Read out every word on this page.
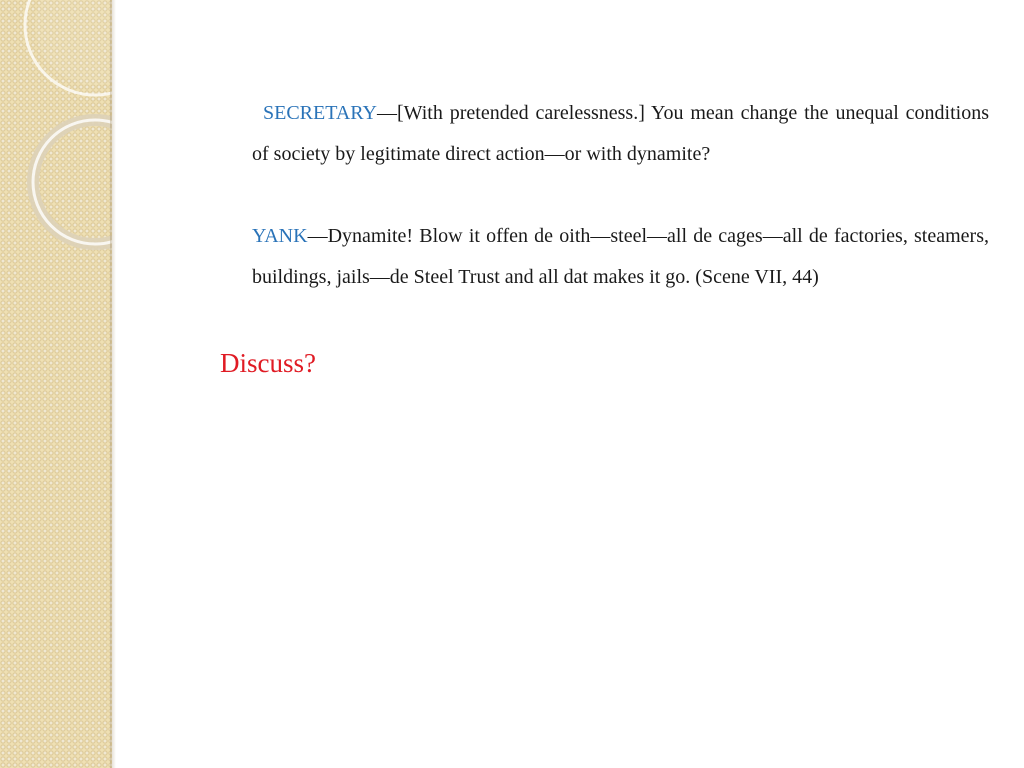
SECRETARY—[With pretended carelessness.] You mean change the unequal conditions of society by legitimate direct action—or with dynamite?

YANK—Dynamite! Blow it offen de oith—steel—all de cages—all de factories, steamers, buildings, jails—de Steel Trust and all dat makes it go. (Scene VII, 44)

Discuss?
